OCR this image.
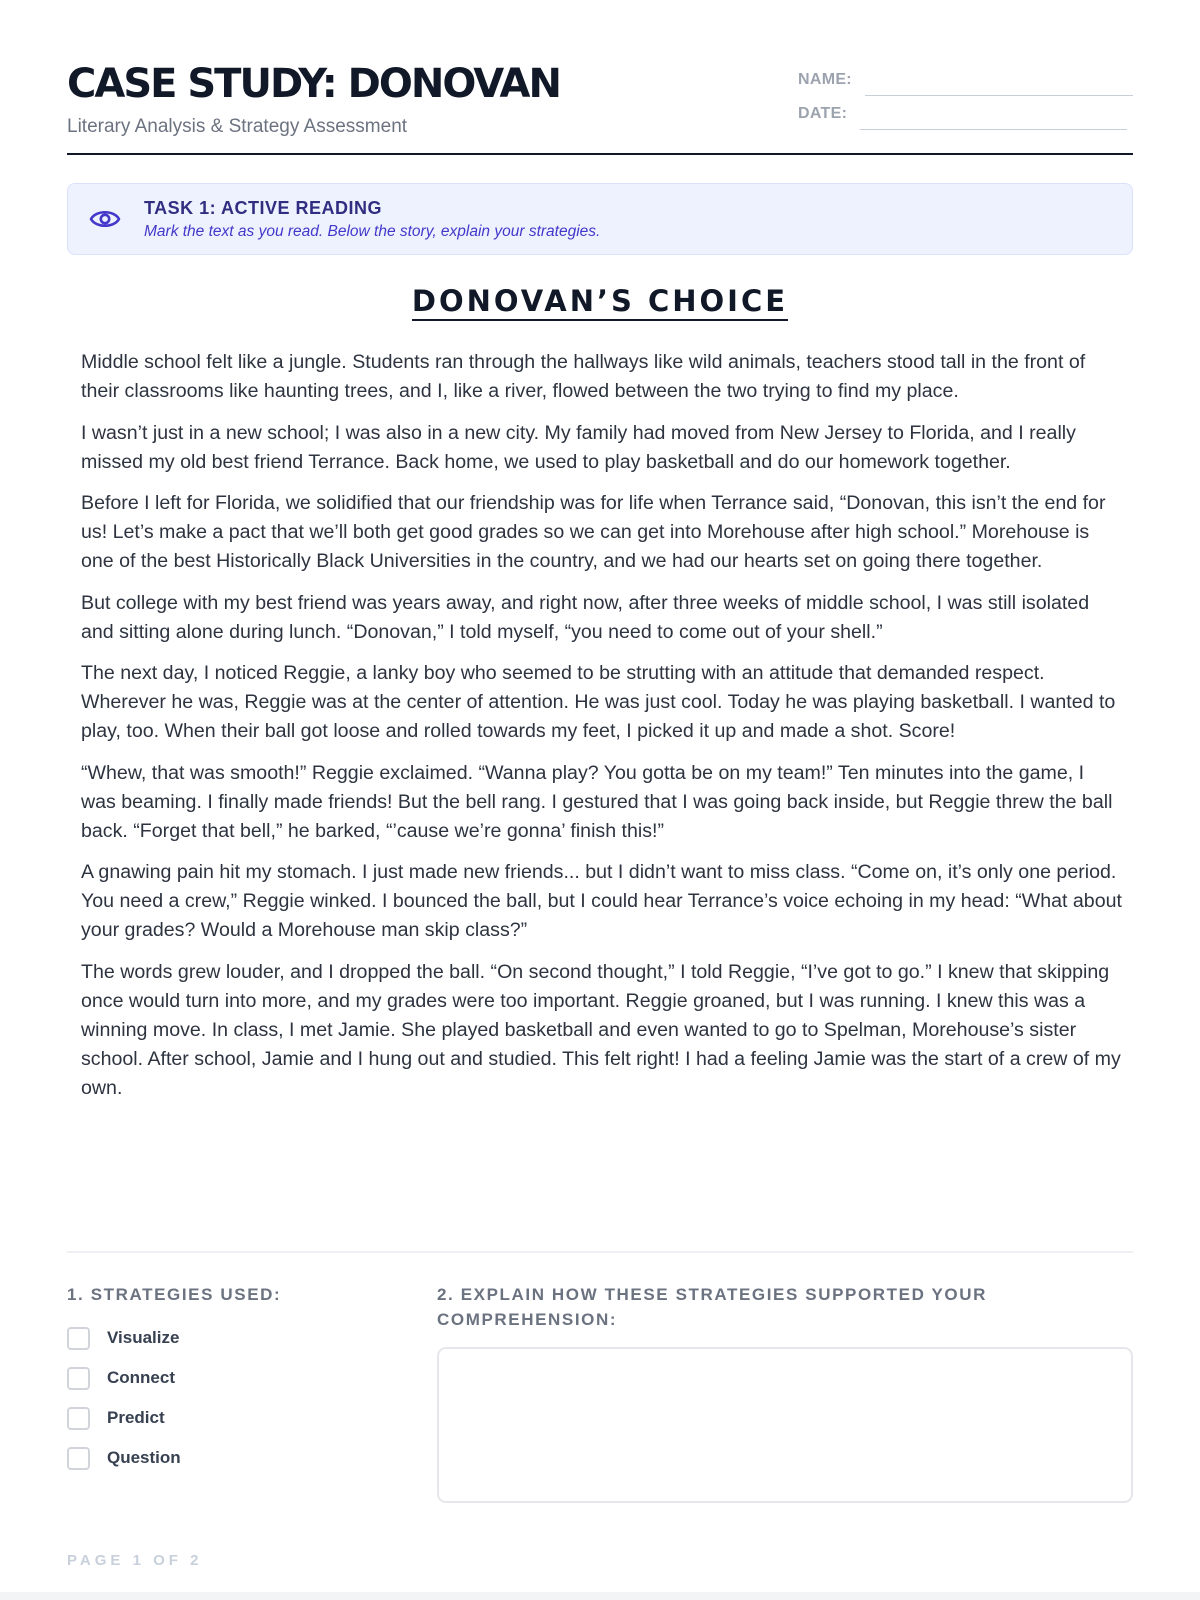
CASE STUDY: DONOVAN
Literary Analysis & Strategy Assessment
NAME:
DATE:
TASK 1: ACTIVE READING
Mark the text as you read. Below the story, explain your strategies.
DONOVAN’S CHOICE

Middle school felt like a jungle. Students ran through the hallways like wild animals, teachers stood tall in the front of their classrooms like haunting trees, and I, like a river, flowed between the two trying to find my place.

I wasn’t just in a new school; I was also in a new city. My family had moved from New Jersey to Florida, and I really missed my old best friend Terrance. Back home, we used to play basketball and do our homework together.

Before I left for Florida, we solidified that our friendship was for life when Terrance said, “Donovan, this isn’t the end for us! Let’s make a pact that we’ll both get good grades so we can get into Morehouse after high school.” Morehouse is one of the best Historically Black Universities in the country, and we had our hearts set on going there together.

But college with my best friend was years away, and right now, after three weeks of middle school, I was still isolated and sitting alone during lunch. “Donovan,” I told myself, “you need to come out of your shell.”

The next day, I noticed Reggie, a lanky boy who seemed to be strutting with an attitude that demanded respect. Wherever he was, Reggie was at the center of attention. He was just cool. Today he was playing basketball. I wanted to play, too. When their ball got loose and rolled towards my feet, I picked it up and made a shot. Score!

“Whew, that was smooth!” Reggie exclaimed. “Wanna play? You gotta be on my team!” Ten minutes into the game, I was beaming. I finally made friends! But the bell rang. I gestured that I was going back inside, but Reggie threw the ball back. “Forget that bell,” he barked, “’cause we’re gonna’ finish this!”

A gnawing pain hit my stomach. I just made new friends... but I didn’t want to miss class. “Come on, it’s only one period. You need a crew,” Reggie winked. I bounced the ball, but I could hear Terrance’s voice echoing in my head: “What about your grades? Would a Morehouse man skip class?”

The words grew louder, and I dropped the ball. “On second thought,” I told Reggie, “I’ve got to go.” I knew that skipping once would turn into more, and my grades were too important. Reggie groaned, but I was running. I knew this was a winning move. In class, I met Jamie. She played basketball and even wanted to go to Spelman, Morehouse’s sister school. After school, Jamie and I hung out and studied. This felt right! I had a feeling Jamie was the start of a crew of my own.

1. STRATEGIES USED:
Visualize
Connect
Predict
Question
2. EXPLAIN HOW THESE STRATEGIES SUPPORTED YOUR COMPREHENSION:
PAGE 1 OF 2
